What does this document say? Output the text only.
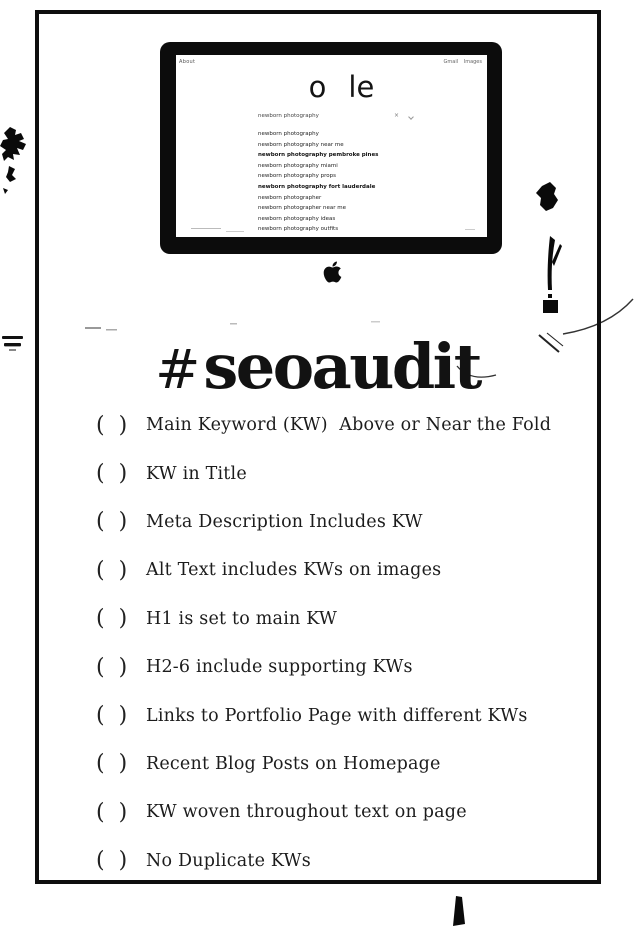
About	Gmail Images
o le
newborn photography	×
newborn photography
newborn photography near me
newborn photography pembroke pines
newborn photography miami
newborn photography props
newborn photography fort lauderdale
newborn photographer
newborn photographer near me
newborn photography ideas
newborn photography outfits
#seoaudit
( ) Main Keyword (KW)  Above or Near the Fold
( ) KW in Title
( ) Meta Description Includes KW
( ) Alt Text includes KWs on images
( ) H1 is set to main KW
( ) H2-6 include supporting KWs
( ) Links to Portfolio Page with different KWs
( ) Recent Blog Posts on Homepage
( ) KW woven throughout text on page
( ) No Duplicate KWs
